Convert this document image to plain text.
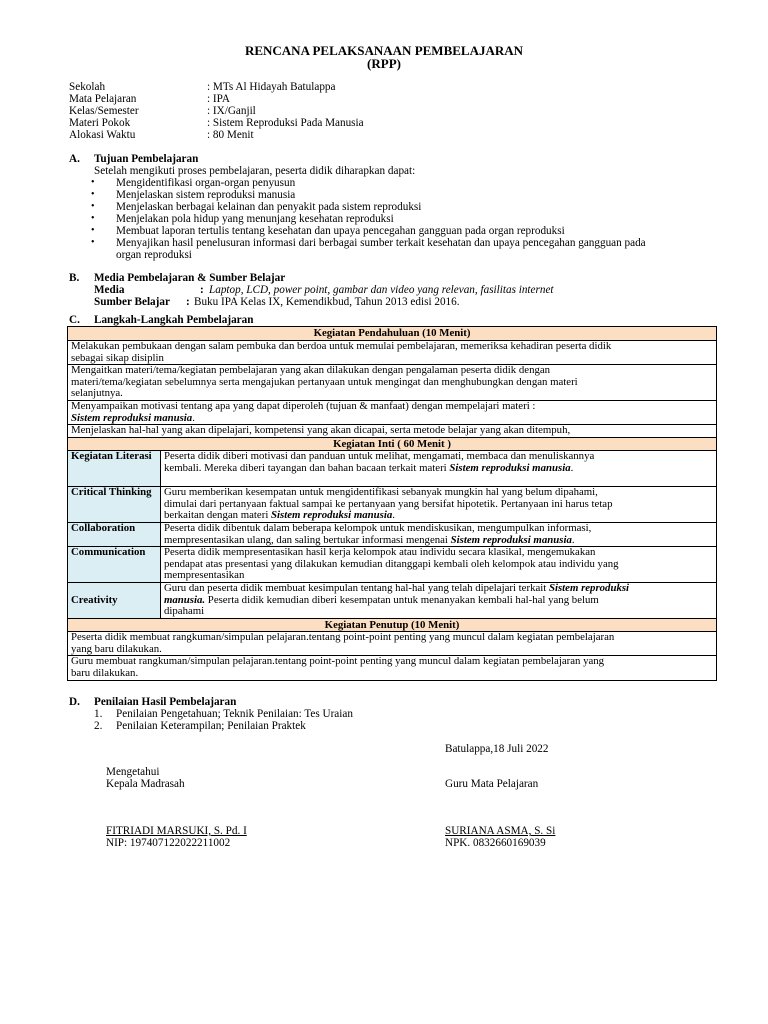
RENCANA PELAKSANAAN PEMBELAJARAN
(RPP)
Sekolah	: MTs Al Hidayah Batulappa
Mata Pelajaran	: IPA
Kelas/Semester	: IX/Ganjil
Materi Pokok	: Sistem Reproduksi Pada Manusia
Alokasi Waktu	: 80 Menit
A. Tujuan Pembelajaran
Setelah mengikuti proses pembelajaran, peserta didik diharapkan dapat:
• Mengidentifikasi organ-organ penyusun
• Menjelaskan sistem reproduksi manusia
• Menjelaskan berbagai kelainan dan penyakit pada sistem reproduksi
• Menjelakan pola hidup yang menunjang kesehatan reproduksi
• Membuat laporan tertulis tentang kesehatan dan upaya pencegahan gangguan pada organ reproduksi
• Menyajikan hasil penelusuran informasi dari berbagai sumber terkait kesehatan dan upaya pencegahan gangguan pada
organ reproduksi
B. Media Pembelajaran & Sumber Belajar
Media	: Laptop, LCD, power point, gambar dan video yang relevan, fasilitas internet
Sumber Belajar : Buku IPA Kelas IX, Kemendikbud, Tahun 2013 edisi 2016.
C. Langkah-Langkah Pembelajaran
Kegiatan Pendahuluan (10 Menit)	

Melakukan pembukaan dengan salam pembuka dan berdoa untuk memulai pembelajaran, memeriksa kehadiran peserta didik
sebagai sikap disiplin	

Mengaitkan materi/tema/kegiatan pembelajaran yang akan dilakukan dengan pengalaman peserta didik dengan
materi/tema/kegiatan sebelumnya serta mengajukan pertanyaan untuk mengingat dan menghubungkan dengan materi
selanjutnya.	

Menyampaikan motivasi tentang apa yang dapat diperoleh (tujuan & manfaat) dengan mempelajari materi :
Sistem reproduksi manusia.	

Menjelaskan hal-hal yang akan dipelajari, kompetensi yang akan dicapai, serta metode belajar yang akan ditempuh,	

Kegiatan Inti ( 60 Menit )	
Kegiatan Literasi	Peserta didik diberi motivasi dan panduan untuk melihat, mengamati, membaca dan menuliskannya
kembali. Mereka diberi tayangan dan bahan bacaan terkait materi Sistem reproduksi manusia.

Critical Thinking	Guru memberikan kesempatan untuk mengidentifikasi sebanyak mungkin hal yang belum dipahami,
dimulai dari pertanyaan faktual sampai ke pertanyaan yang bersifat hipotetik. Pertanyaan ini harus tetap
berkaitan dengan materi Sistem reproduksi manusia.

Collaboration	Peserta didik dibentuk dalam beberapa kelompok untuk mendiskusikan, mengumpulkan informasi,
mempresentasikan ulang, dan saling bertukar informasi mengenai Sistem reproduksi manusia.

Communication	Peserta didik mempresentasikan hasil kerja kelompok atau individu secara klasikal, mengemukakan
pendapat atas presentasi yang dilakukan kemudian ditanggapi kembali oleh kelompok atau individu yang
mempresentasikan

Creativity	Guru dan peserta didik membuat kesimpulan tentang hal-hal yang telah dipelajari terkait Sistem reproduksi
manusia. Peserta didik kemudian diberi kesempatan untuk menanyakan kembali hal-hal yang belum
dipahami

Kegiatan Penutup (10 Menit)	

Peserta didik membuat rangkuman/simpulan pelajaran.tentang point-point penting yang muncul dalam kegiatan pembelajaran
yang baru dilakukan.	

Guru membuat rangkuman/simpulan pelajaran.tentang point-point penting yang muncul dalam kegiatan pembelajaran yang
baru dilakukan.	
D. Penilaian Hasil Pembelajaran
1. Penilaian Pengetahuan; Teknik Penilaian: Tes Uraian
2. Penilaian Keterampilan; Penilaian Praktek
Batulappa,18 Juli 2022
Mengetahui
Kepala Madrasah	Guru Mata Pelajaran
FITRIADI MARSUKI, S. Pd. I
NIP: 197407122022211002
SURIANA ASMA, S. Si
NPK. 0832660169039
